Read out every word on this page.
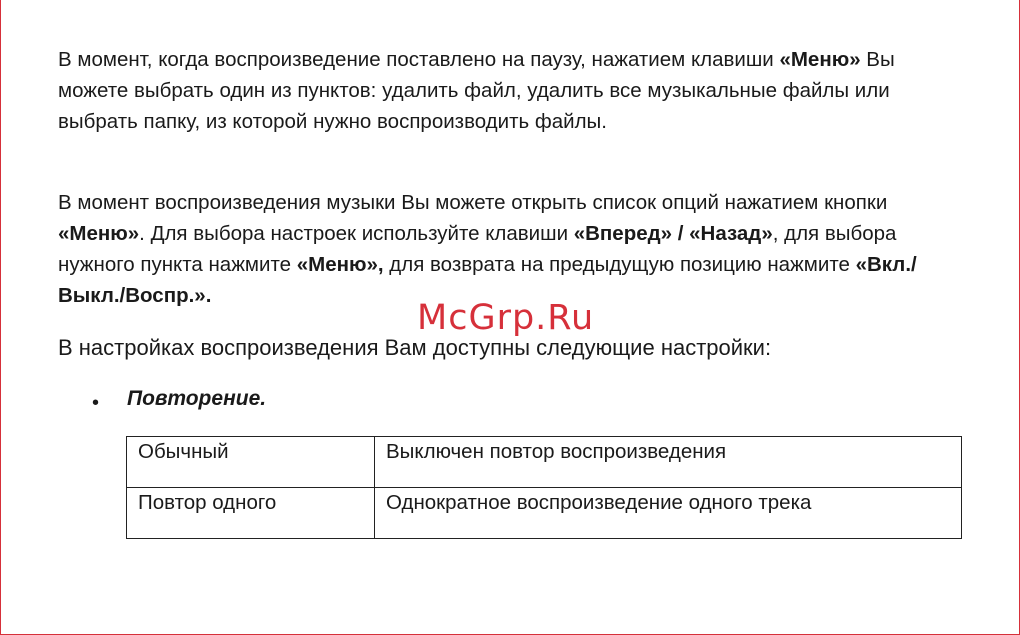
В момент, когда воспроизведение поставлено на паузу, нажатием клавиши «Меню» Вы можете выбрать один из пунктов: удалить файл, удалить все музыкальные файлы или выбрать папку, из которой нужно воспроизводить файлы.

В момент воспроизведения музыки Вы можете открыть список опций нажатием кнопки «Меню». Для выбора настроек используйте клавиши «Вперед» / «Назад», для выбора нужного пункта нажмите «Меню», для возврата на предыдущую позицию нажмите «Вкл./Выкл./Воспр.».

McGrp.Ru

В настройках воспроизведения Вам доступны следующие настройки:

• Повторение.
Обычный	Выключен повтор воспроизведения
Повтор одного	Однократное воспроизведение одного трека
